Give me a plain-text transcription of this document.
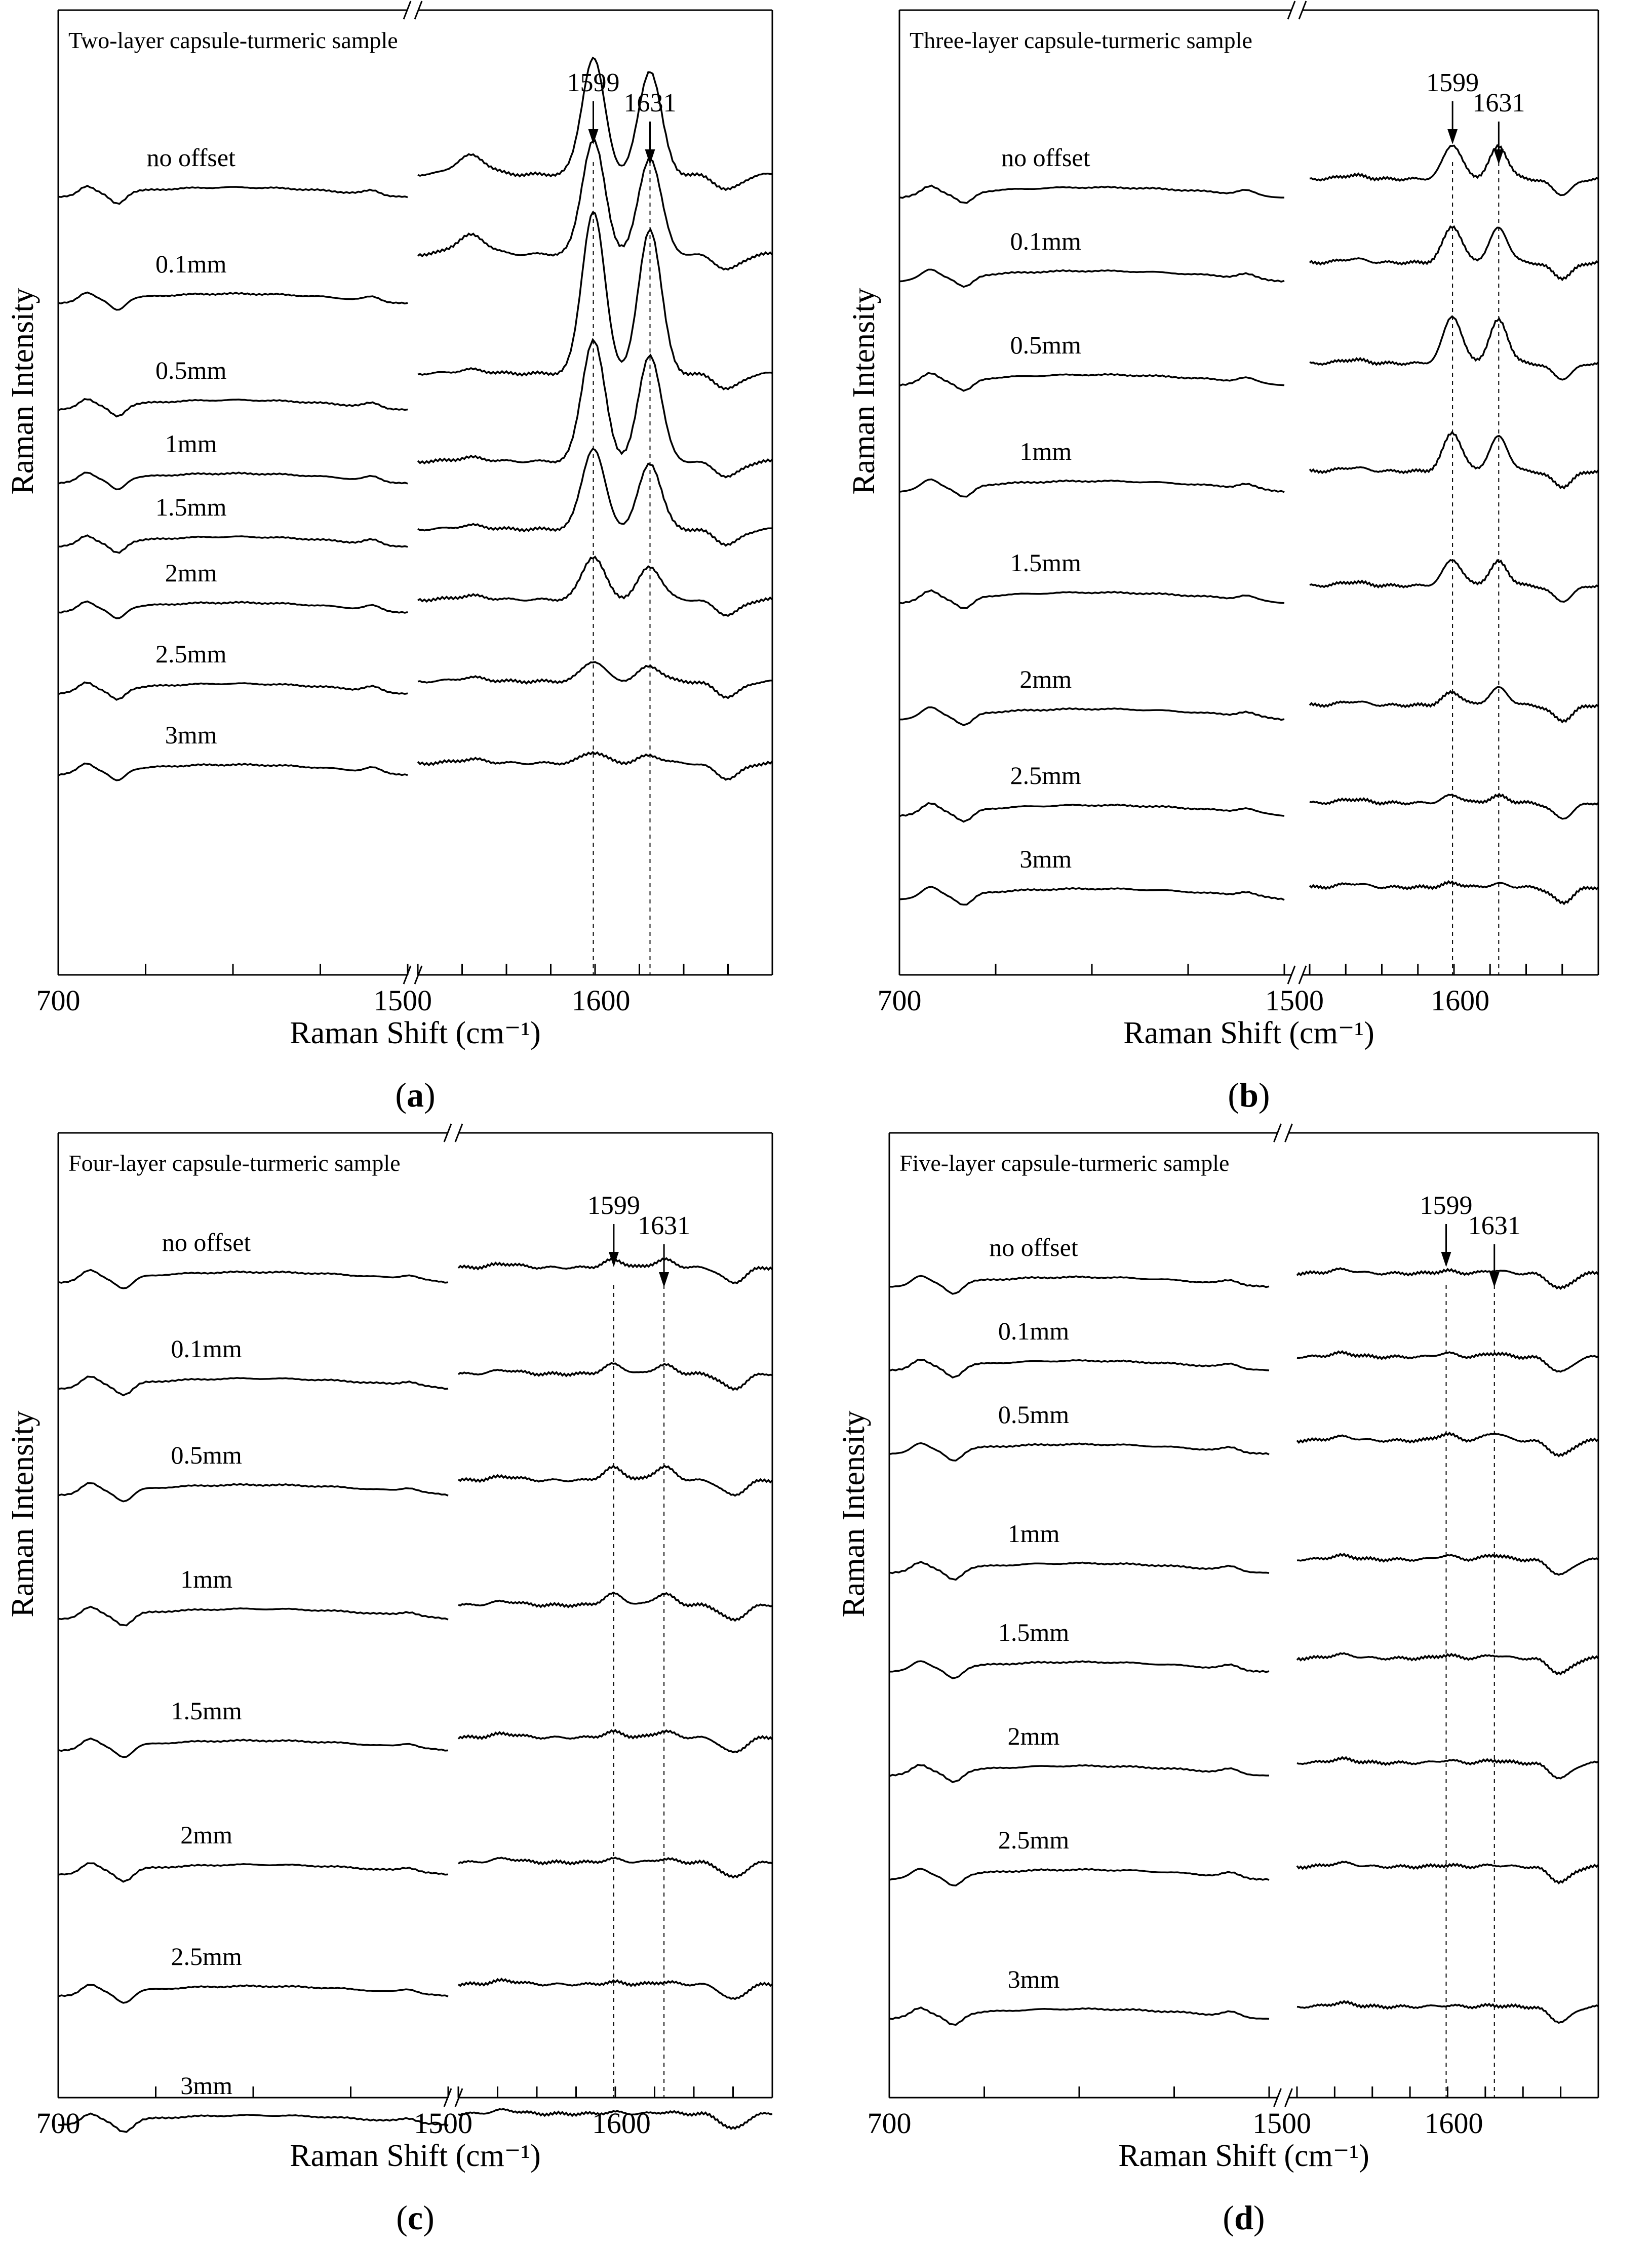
700	1500	1600
Raman Shift (cm⁻¹)
Raman Intensity
Two-layer capsule-turmeric sample
(a)
1599
1631
no offset
0.1mm
0.5mm
1mm
1.5mm
2mm
2.5mm
3mm
700	1500	1600
Raman Shift (cm⁻¹)
Raman Intensity
Three-layer capsule-turmeric sample
(b)
1599
1631
no offset
0.1mm
0.5mm
1mm
1.5mm
2mm
2.5mm
3mm
700	1500	1600
Raman Shift (cm⁻¹)
Raman Intensity
Four-layer capsule-turmeric sample
(c)
1599
1631
no offset
0.1mm
0.5mm
1mm
1.5mm
2mm
2.5mm
3mm
700	1500	1600
Raman Shift (cm⁻¹)
Raman Intensity
Five-layer capsule-turmeric sample
(d)
1599
1631
no offset
0.1mm
0.5mm
1mm
1.5mm
2mm
2.5mm
3mm
